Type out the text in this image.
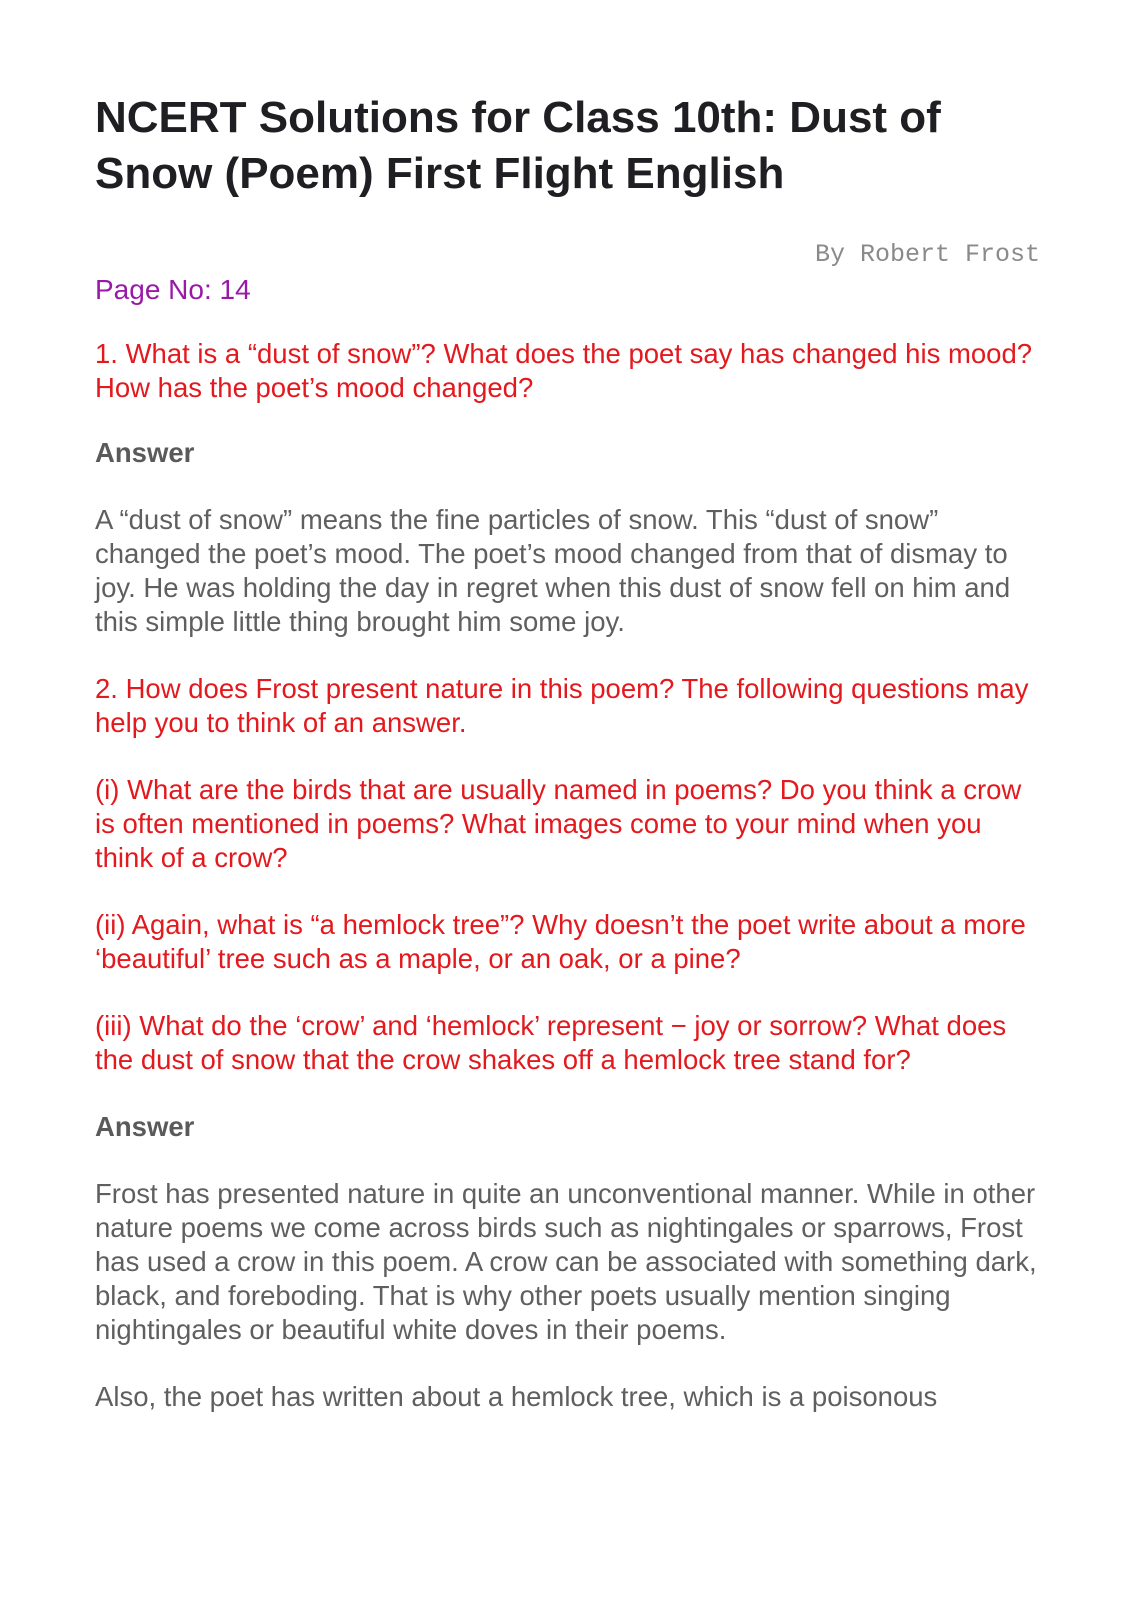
NCERT Solutions for Class 10th: Dust of Snow (Poem) First Flight English
By Robert Frost
Page No: 14

1. What is a “dust of snow”? What does the poet say has changed his mood? How has the poet’s mood changed?

Answer

A “dust of snow” means the fine particles of snow. This “dust of snow” changed the poet’s mood. The poet’s mood changed from that of dismay to joy. He was holding the day in regret when this dust of snow fell on him and this simple little thing brought him some joy.

2. How does Frost present nature in this poem? The following questions may help you to think of an answer.

(i) What are the birds that are usually named in poems? Do you think a crow is often mentioned in poems? What images come to your mind when you think of a crow?

(ii) Again, what is “a hemlock tree”? Why doesn’t the poet write about a more ‘beautiful’ tree such as a maple, or an oak, or a pine?

(iii) What do the ‘crow’ and ‘hemlock’ represent − joy or sorrow? What does the dust of snow that the crow shakes off a hemlock tree stand for?

Answer

Frost has presented nature in quite an unconventional manner. While in other nature poems we come across birds such as nightingales or sparrows, Frost has used a crow in this poem. A crow can be associated with something dark, black, and foreboding. That is why other poets usually mention singing nightingales or beautiful white doves in their poems.

Also, the poet has written about a hemlock tree, which is a poisonous
